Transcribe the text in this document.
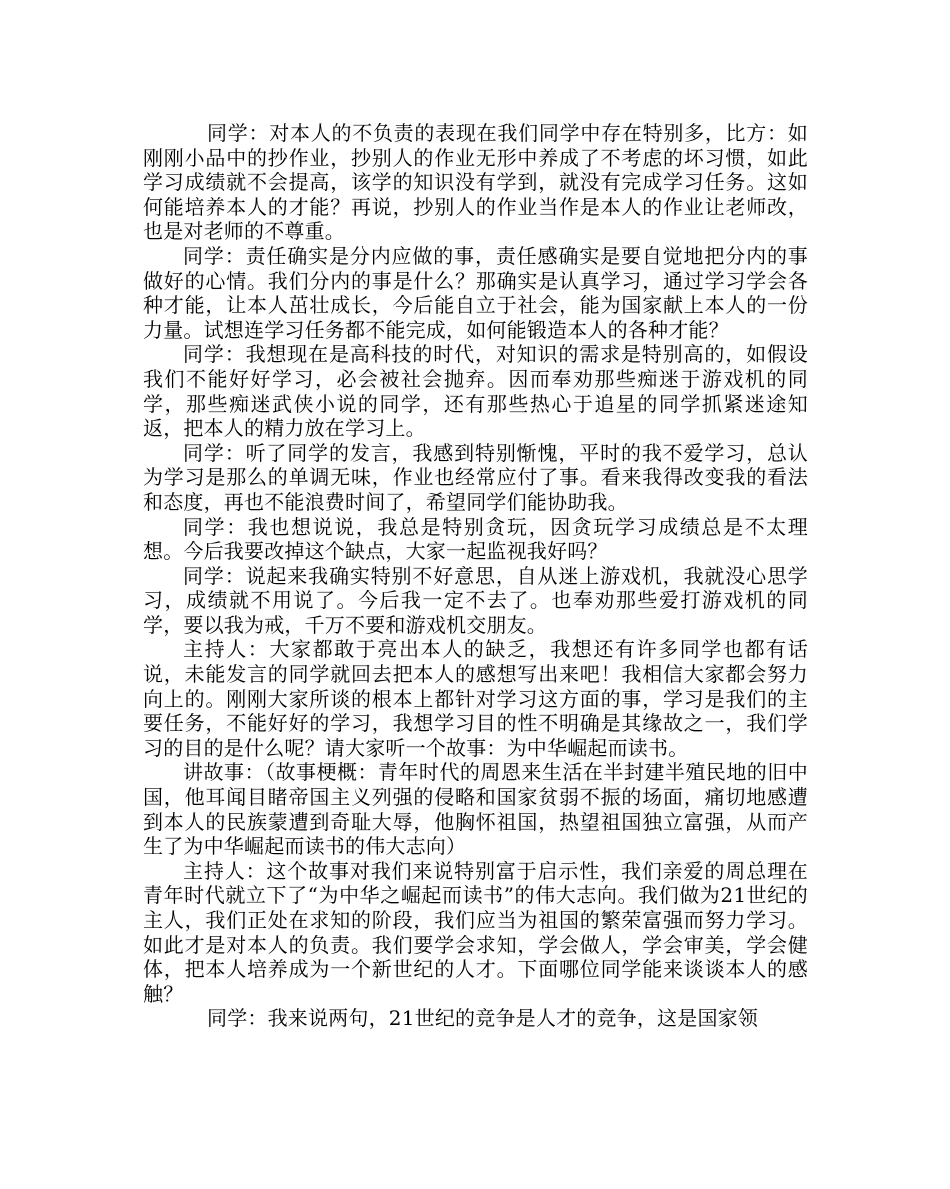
同学：对本人的不负责的表现在我们同学中存在特别多，比方：如刚刚小品中的抄作业，抄别人的作业无形中养成了不考虑的坏习惯，如此学习成绩就不会提高，该学的知识没有学到，就没有完成学习任务。这如何能培养本人的才能？再说，抄别人的作业当作是本人的作业让老师改，也是对老师的不尊重。

同学：责任确实是分内应做的事，责任感确实是要自觉地把分内的事做好的心情。我们分内的事是什么？那确实是认真学习，通过学习学会各种才能，让本人茁壮成长，今后能自立于社会，能为国家献上本人的一份力量。试想连学习任务都不能完成，如何能锻造本人的各种才能？

同学：我想现在是高科技的时代，对知识的需求是特别高的，如假设我们不能好好学习，必会被社会抛弃。因而奉劝那些痴迷于游戏机的同学，那些痴迷武侠小说的同学，还有那些热心于追星的同学抓紧迷途知返，把本人的精力放在学习上。

同学：听了同学的发言，我感到特别惭愧，平时的我不爱学习，总认为学习是那么的单调无味，作业也经常应付了事。看来我得改变我的看法和态度，再也不能浪费时间了，希望同学们能协助我。

同学：我也想说说，我总是特别贪玩，因贪玩学习成绩总是不太理想。今后我要改掉这个缺点，大家一起监视我好吗？

同学：说起来我确实特别不好意思，自从迷上游戏机，我就没心思学习，成绩就不用说了。今后我一定不去了。也奉劝那些爱打游戏机的同学，要以我为戒，千万不要和游戏机交朋友。

主持人：大家都敢于亮出本人的缺乏，我想还有许多同学也都有话说，未能发言的同学就回去把本人的感想写出来吧！我相信大家都会努力向上的。刚刚大家所谈的根本上都针对学习这方面的事，学习是我们的主要任务，不能好好的学习，我想学习目的性不明确是其缘故之一，我们学习的目的是什么呢？请大家听一个故事：为中华崛起而读书。

讲故事：（故事梗概：青年时代的周恩来生活在半封建半殖民地的旧中国，他耳闻目睹帝国主义列强的侵略和国家贫弱不振的场面，痛切地感遭到本人的民族蒙遭到奇耻大辱，他胸怀祖国，热望祖国独立富强，从而产生了为中华崛起而读书的伟大志向）

主持人：这个故事对我们来说特别富于启示性，我们亲爱的周总理在青年时代就立下了“为中华之崛起而读书”的伟大志向。我们做为21世纪的主人，我们正处在求知的阶段，我们应当为祖国的繁荣富强而努力学习。如此才是对本人的负责。我们要学会求知，学会做人，学会审美，学会健体，把本人培养成为一个新世纪的人才。下面哪位同学能来谈谈本人的感触？

同学：我来说两句，21世纪的竞争是人才的竞争，这是国家领
